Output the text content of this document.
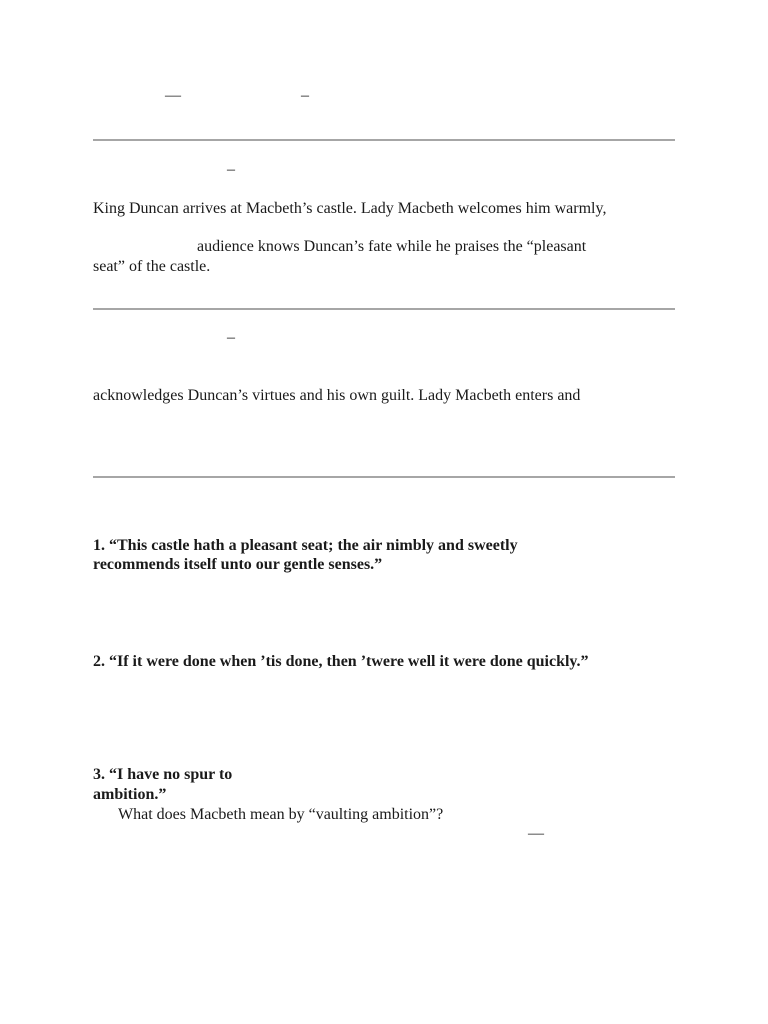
—	–
–
King Duncan arrives at Macbeth’s castle. Lady Macbeth welcomes him warmly,
audience knows Duncan’s fate while he praises the “pleasant
seat” of the castle.
–
acknowledges Duncan’s virtues and his own guilt. Lady Macbeth enters and
1. “This castle hath a pleasant seat; the air nimbly and sweetly
recommends itself unto our gentle senses.”
2. “If it were done when ’tis done, then ’twere well it were done quickly.”
3. “I have no spur to
ambition.”
What does Macbeth mean by “vaulting ambition”?
—
